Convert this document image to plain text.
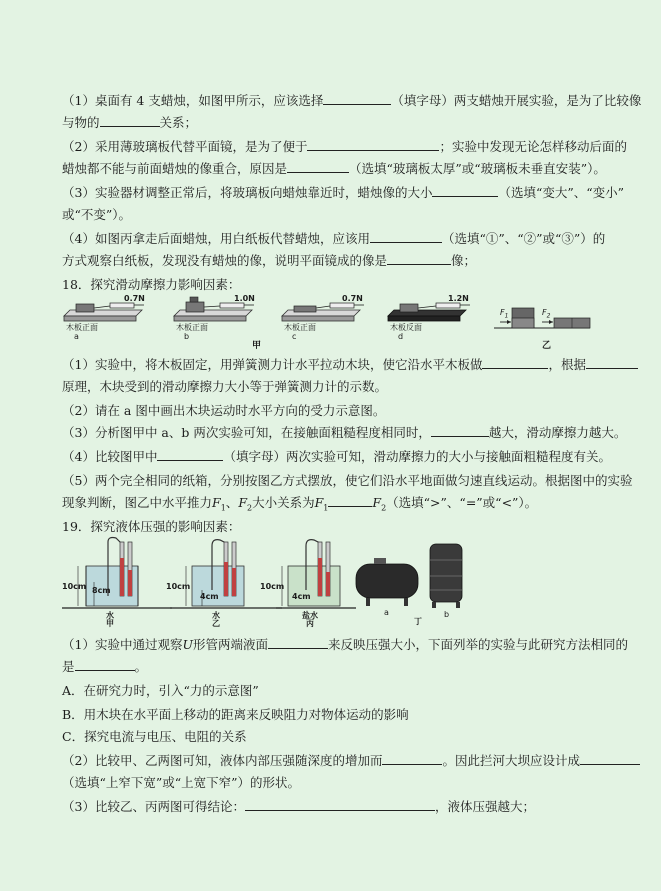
（1）桌面有 4 支蜡烛，如图甲所示，应该选择	（填字母）两支蜡烛开展实验，是为了比较像
与物的	关系；
（2）采用薄玻璃板代替平面镜，是为了便于	；实验中发现无论怎样移动后面的
蜡烛都不能与前面蜡烛的像重合，原因是	（选填“玻璃板太厚”或“玻璃板未垂直安装”）。
（3）实验器材调整正常后，将玻璃板向蜡烛靠近时，蜡烛像的大小	（选填“变大”、“变小”
或“不变”）。
（4）如图丙拿走后面蜡烛，用白纸板代替蜡烛，应该用	（选填“①”、“②”或“③”）的
方式观察白纸板，发现没有蜡烛的像，说明平面镜成的像是	像；
18．探究滑动摩擦力影响因素：
0.7N	1.0N	0.7N	1.2N
木板正面	木板正面	木板正面	木板反面
a	b	c	d
甲	乙
$F_1$	$F_2$
（1）实验中，将木板固定，用弹簧测力计水平拉动木块，使它沿水平木板做	，根据
原理，木块受到的滑动摩擦力大小等于弹簧测力计的示数。
（2）请在 a 图中画出木块运动时水平方向的受力示意图。
（3）分析图甲中 a、b 两次实验可知，在接触面粗糙程度相同时，	越大，滑动摩擦力越大。
（4）比较图甲中	（填字母）两次实验可知，滑动摩擦力的大小与接触面粗糙程度有关。
（5）两个完全相同的纸箱，分别按图乙方式摆放，使它们沿水平地面做匀速直线运动。根据图中的实验
现象判断，图乙中水平推力$F_1$、$F_2$大小关系为$F_1$	$F_2$（选填“>”、“=”或“<”）。
19．探究液体压强的影响因素：
10cm 8cm	10cm
4cm
10cm
4cm
水	水	盐水
甲	乙	丙
a	b
丁
（1）实验中通过观察U形管两端液面	来反映压强大小，下面列举的实验与此研究方法相同的
是	。
A．在研究力时，引入“力的示意图”
B．用木块在水平面上移动的距离来反映阻力对物体运动的影响
C．探究电流与电压、电阻的关系
（2）比较甲、乙两图可知，液体内部压强随深度的增加而	。因此拦河大坝应设计成
（选填“上窄下宽”或“上宽下窄”）的形状。
（3）比较乙、丙两图可得结论：	，液体压强越大；
